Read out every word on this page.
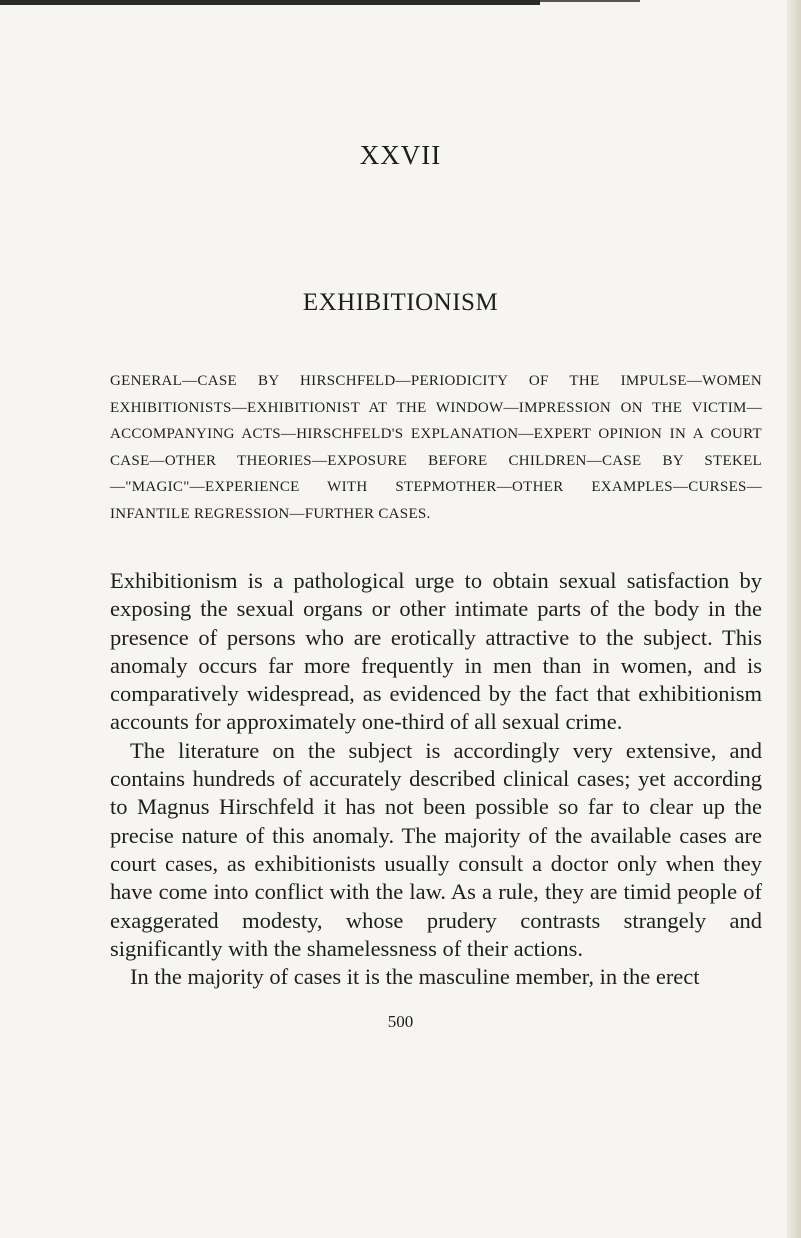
XXVII
EXHIBITIONISM
GENERAL—CASE BY HIRSCHFELD—PERIODICITY OF THE IMPULSE—WOMEN EXHIBITIONISTS—EXHIBITIONIST AT THE WINDOW—IMPRESSION ON THE VICTIM—ACCOMPANYING ACTS—HIRSCHFELD'S EXPLANATION—EXPERT OPINION IN A COURT CASE—OTHER THEORIES—EXPOSURE BEFORE CHILDREN—CASE BY STEKEL—"MAGIC"—EXPERIENCE WITH STEPMOTHER—OTHER EXAMPLES—CURSES—INFANTILE REGRESSION—FURTHER CASES.

Exhibitionism is a pathological urge to obtain sexual satisfaction by exposing the sexual organs or other intimate parts of the body in the presence of persons who are erotically attractive to the subject. This anomaly occurs far more frequently in men than in women, and is comparatively widespread, as evidenced by the fact that exhibitionism accounts for approximately one-third of all sexual crime.

The literature on the subject is accordingly very extensive, and contains hundreds of accurately described clinical cases; yet according to Magnus Hirschfeld it has not been possible so far to clear up the precise nature of this anomaly. The majority of the available cases are court cases, as exhibitionists usually consult a doctor only when they have come into conflict with the law. As a rule, they are timid people of exaggerated modesty, whose prudery contrasts strangely and significantly with the shamelessness of their actions.

In the majority of cases it is the masculine member, in the erect

500
